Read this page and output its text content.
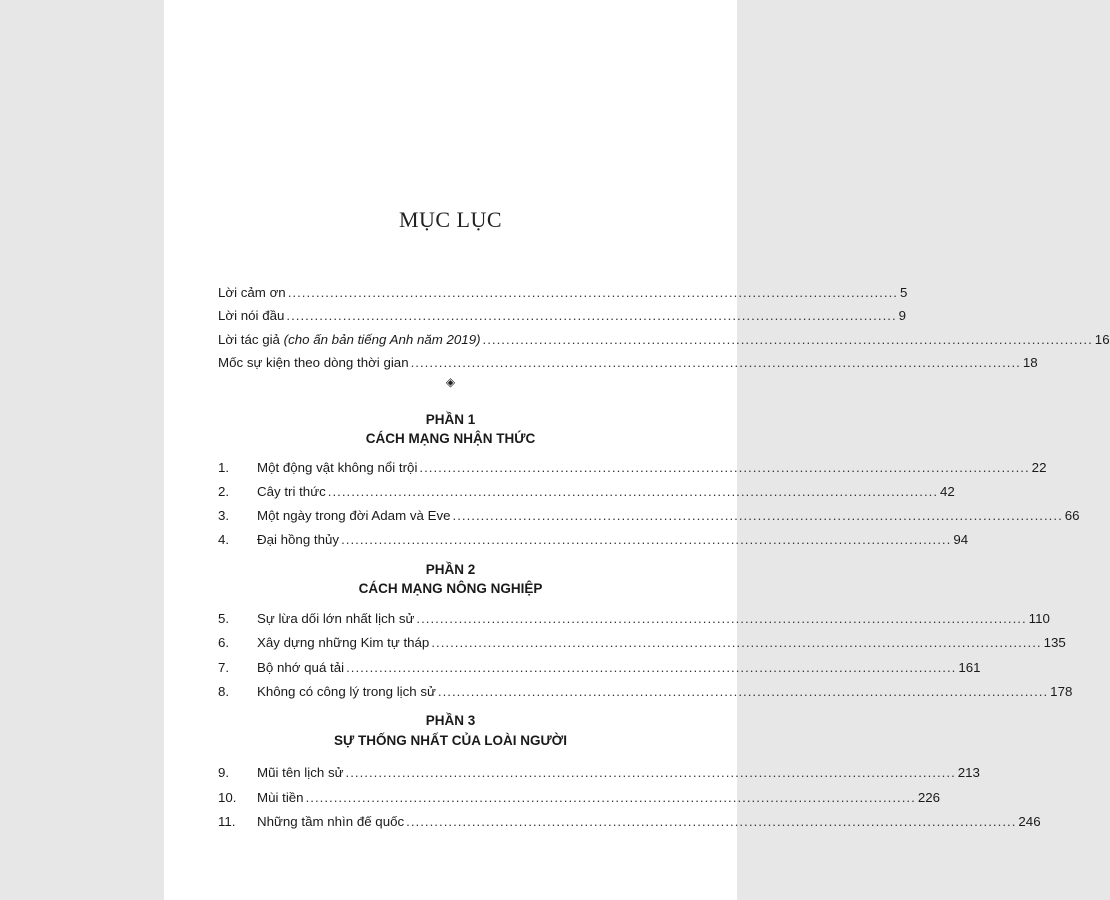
MỤC LỤC
Lời cảm ơn .................................................................................................................................. 5
Lời nói đầu .................................................................................................................................. 9
Lời tác giả (cho ấn bản tiếng Anh năm 2019) .................................................................................................................................. 16
Mốc sự kiện theo dòng thời gian .................................................................................................................................. 18
◈
PHẦN 1
CÁCH MẠNG NHẬN THỨC
1.	Một động vật không nổi trội .................................................................................................................................. 22
2.	Cây tri thức .................................................................................................................................. 42
3.	Một ngày trong đời Adam và Eve .................................................................................................................................. 66
4.	Đại hồng thủy .................................................................................................................................. 94
PHẦN 2
CÁCH MẠNG NÔNG NGHIỆP
5.	Sự lừa dối lớn nhất lịch sử .................................................................................................................................. 110
6.	Xây dựng những Kim tự tháp .................................................................................................................................. 135
7.	Bộ nhớ quá tải .................................................................................................................................. 161
8.	Không có công lý trong lịch sử .................................................................................................................................. 178
PHẦN 3
SỰ THỐNG NHẤT CỦA LOÀI NGƯỜI
9.	Mũi tên lịch sử .................................................................................................................................. 213
10.	Mùi tiền .................................................................................................................................. 226
11.	Những tầm nhìn đế quốc .................................................................................................................................. 246
